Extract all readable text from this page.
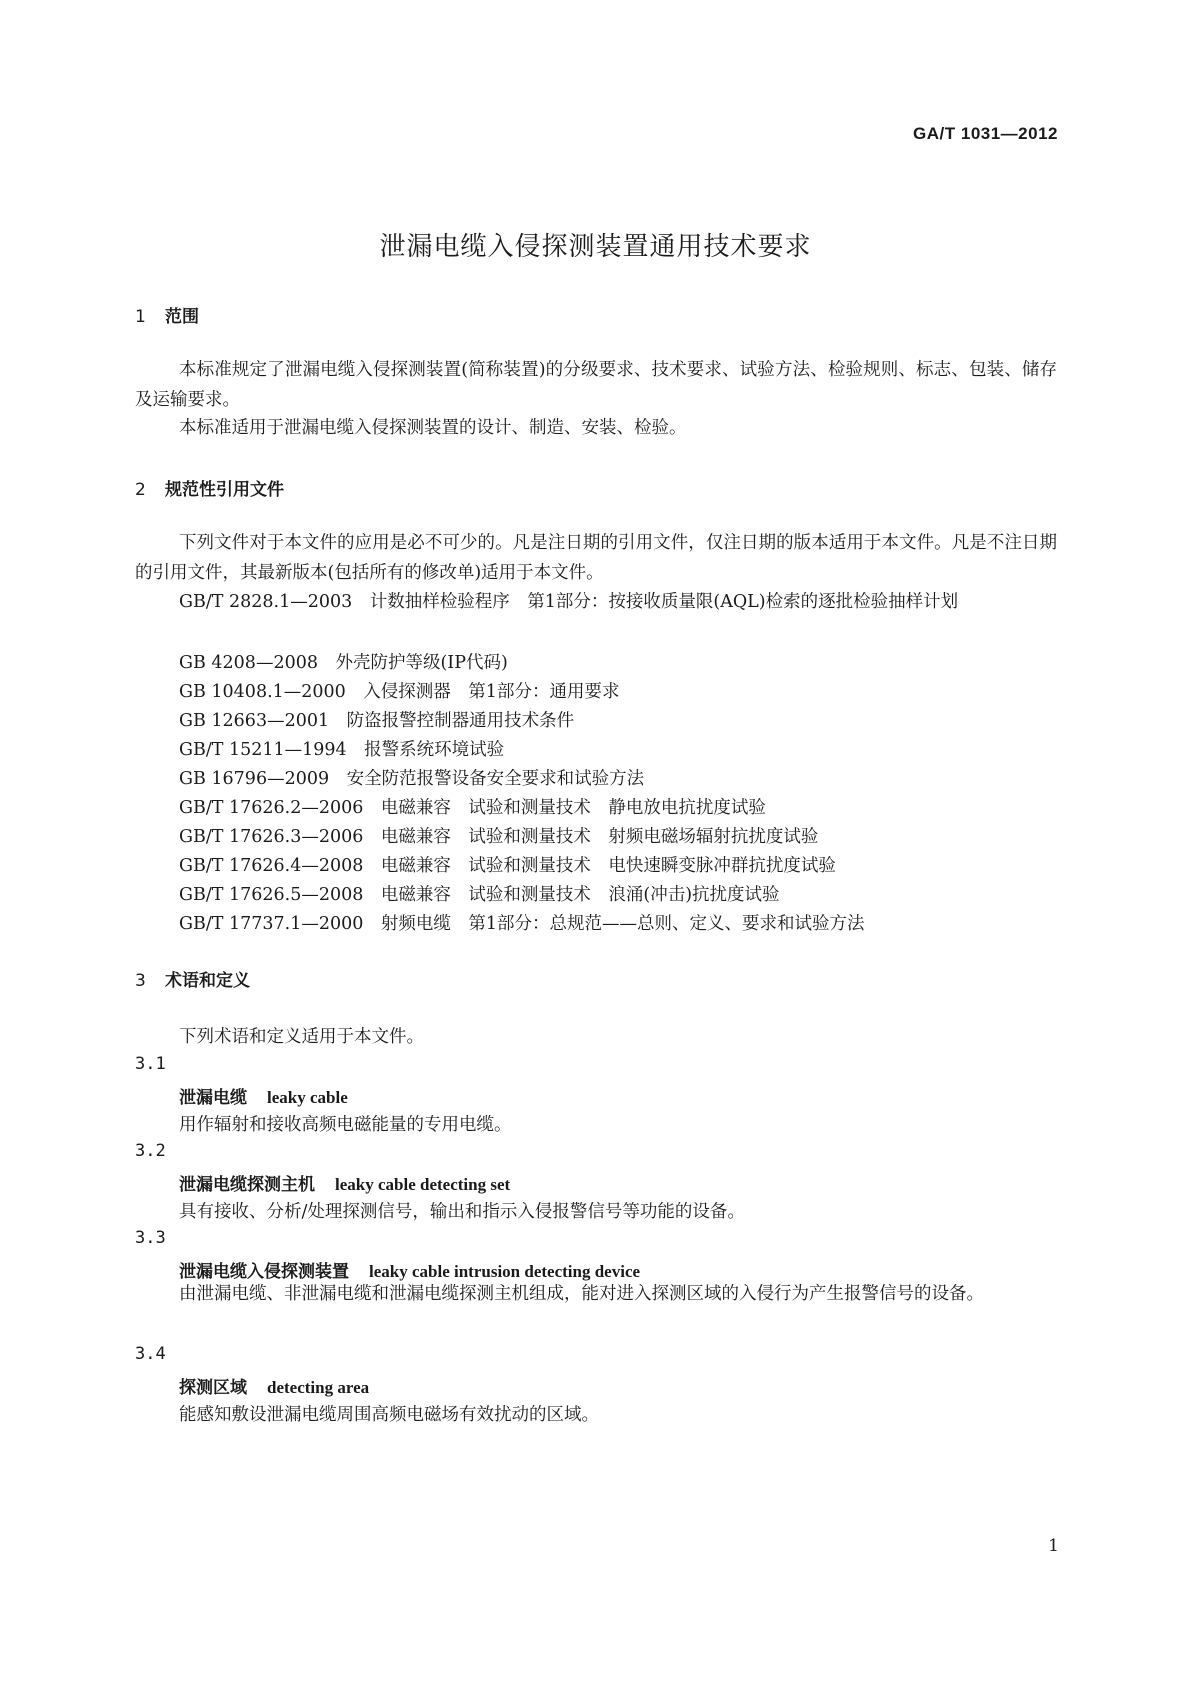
GA/T 1031—2012
泄漏电缆入侵探测装置通用技术要求
1 范围
本标准规定了泄漏电缆入侵探测装置(简称装置)的分级要求、技术要求、试验方法、检验规则、标志、包装、储存及运输要求。
本标准适用于泄漏电缆入侵探测装置的设计、制造、安装、检验。
2 规范性引用文件
下列文件对于本文件的应用是必不可少的。凡是注日期的引用文件，仅注日期的版本适用于本文件。凡是不注日期的引用文件，其最新版本(包括所有的修改单)适用于本文件。
GB/T 2828.1—2003　计数抽样检验程序　第1部分：按接收质量限(AQL)检索的逐批检验抽样计划
GB 4208—2008　外壳防护等级(IP代码)
GB 10408.1—2000　入侵探测器　第1部分：通用要求
GB 12663—2001　防盗报警控制器通用技术条件
GB/T 15211—1994　报警系统环境试验
GB 16796—2009　安全防范报警设备安全要求和试验方法
GB/T 17626.2—2006　电磁兼容　试验和测量技术　静电放电抗扰度试验
GB/T 17626.3—2006　电磁兼容　试验和测量技术　射频电磁场辐射抗扰度试验
GB/T 17626.4—2008　电磁兼容　试验和测量技术　电快速瞬变脉冲群抗扰度试验
GB/T 17626.5—2008　电磁兼容　试验和测量技术　浪涌(冲击)抗扰度试验
GB/T 17737.1—2000　射频电缆　第1部分：总规范——总则、定义、要求和试验方法
3 术语和定义
下列术语和定义适用于本文件。
3.1
泄漏电缆 leaky cable
用作辐射和接收高频电磁能量的专用电缆。
3.2
泄漏电缆探测主机 leaky cable detecting set
具有接收、分析/处理探测信号，输出和指示入侵报警信号等功能的设备。
3.3
泄漏电缆入侵探测装置 leaky cable intrusion detecting device
由泄漏电缆、非泄漏电缆和泄漏电缆探测主机组成，能对进入探测区域的入侵行为产生报警信号的设备。
3.4
探测区域 detecting area
能感知敷设泄漏电缆周围高频电磁场有效扰动的区域。
1
